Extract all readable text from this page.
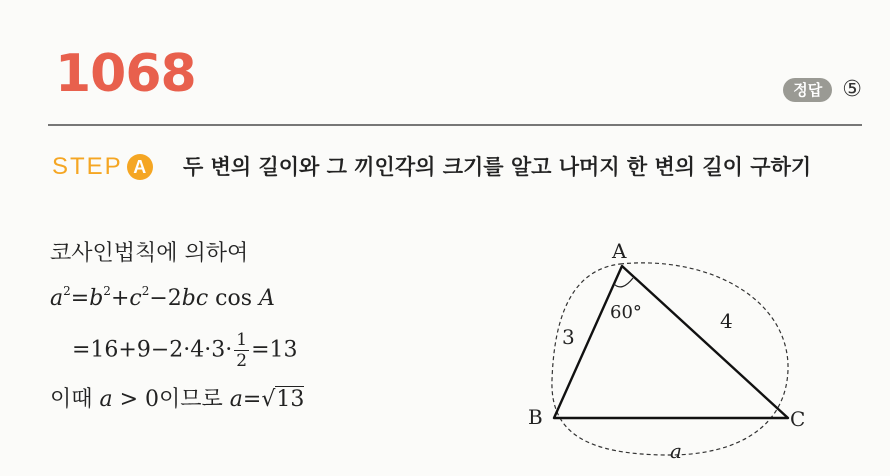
1068	정답 ⑤
STEP A	두 변의 길이와 그 끼인각의 크기를 알고 나머지 한 변의 길이 구하기
코사인법칙에 의하여
$a^2=b^2+c^2-2bc$ cos A
$=16+9-2\cdot 4\cdot 3\cdot \frac{1}{2} =13$
이때 a > 0이므로 a=√13
A
B	C
3
4
a
60°
